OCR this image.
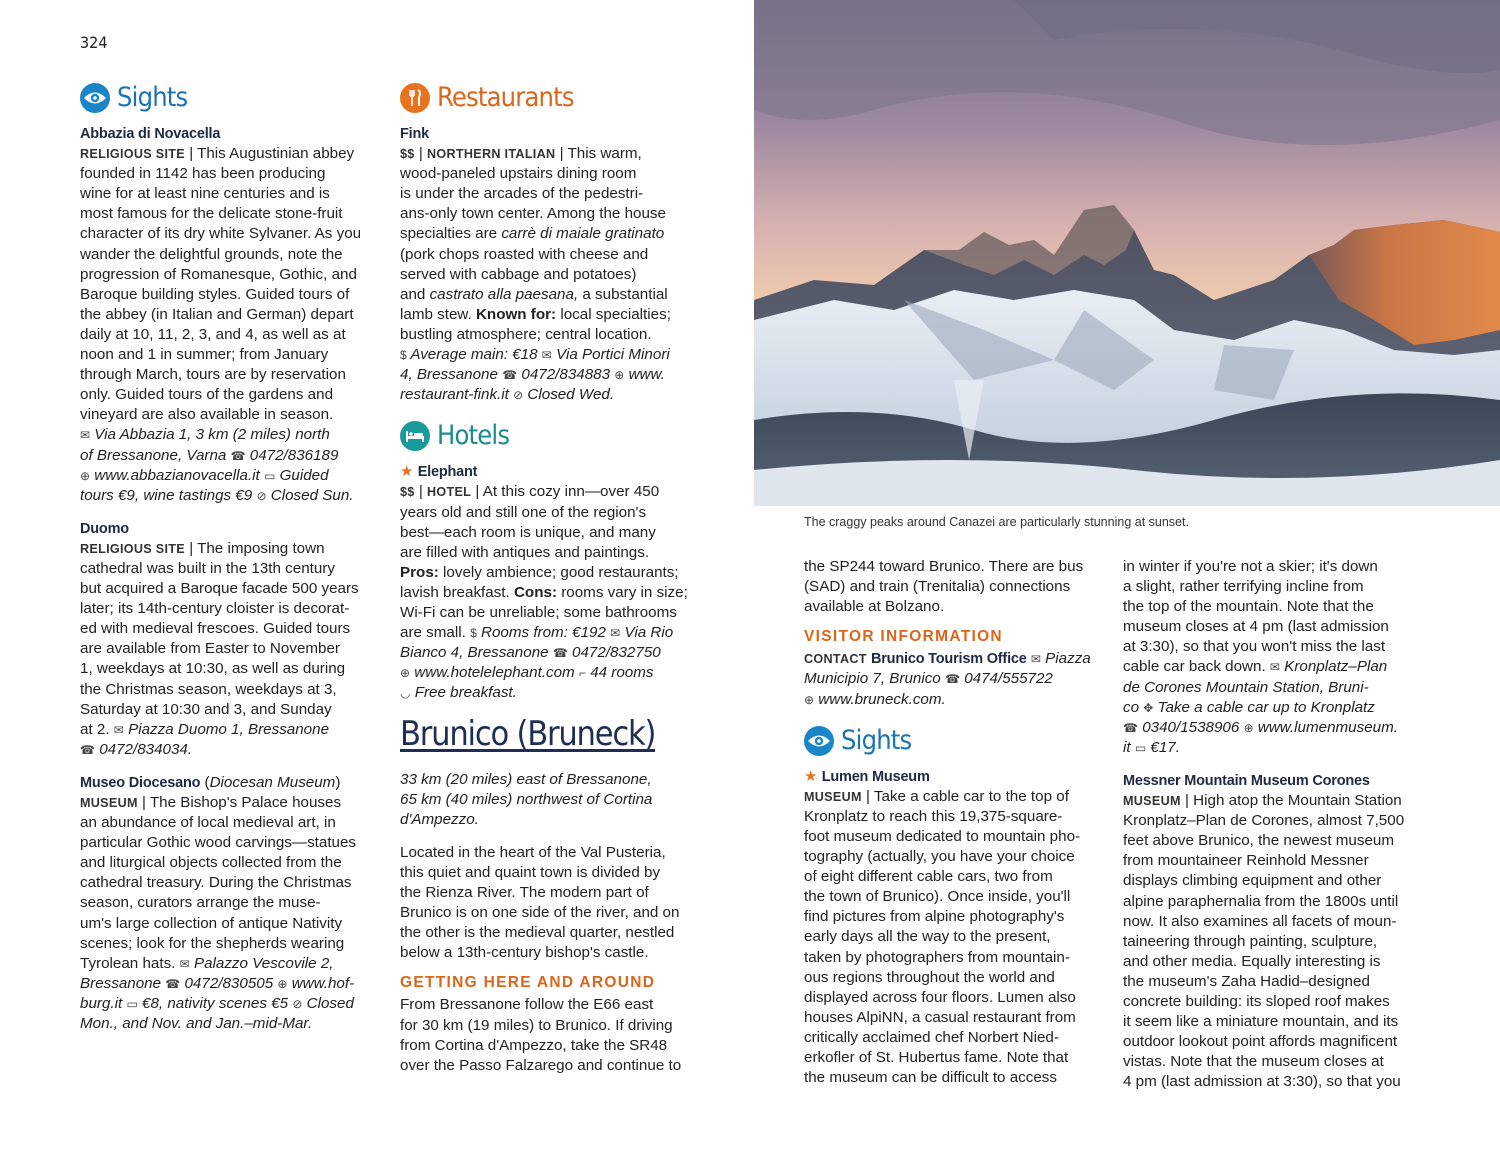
324
Sights

Abbazia di Novacella

RELIGIOUS SITE | This Augustinian abbey

founded in 1142 has been producing

wine for at least nine centuries and is

most famous for the delicate stone-fruit

character of its dry white Sylvaner. As you

wander the delightful grounds, note the

progression of Romanesque, Gothic, and

Baroque building styles. Guided tours of

the abbey (in Italian and German) depart

daily at 10, 11, 2, 3, and 4, as well as at

noon and 1 in summer; from January

through March, tours are by reservation

only. Guided tours of the gardens and

vineyard are also available in season.

✉ Via Abbazia 1, 3 km (2 miles) north

of Bressanone, Varna ☎ 0472/836189

⊕ www.abbazianovacella.it ▭ Guided

tours €9, wine tastings €9 ⊘ Closed Sun.

Duomo

RELIGIOUS SITE | The imposing town

cathedral was built in the 13th century

but acquired a Baroque facade 500 years

later; its 14th-century cloister is decorat-

ed with medieval frescoes. Guided tours

are available from Easter to November

1, weekdays at 10:30, as well as during

the Christmas season, weekdays at 3,

Saturday at 10:30 and 3, and Sunday

at 2. ✉ Piazza Duomo 1, Bressanone

☎ 0472/834034.

Museo Diocesano (Diocesan Museum)

MUSEUM | The Bishop's Palace houses

an abundance of local medieval art, in

particular Gothic wood carvings—statues

and liturgical objects collected from the

cathedral treasury. During the Christmas

season, curators arrange the muse-

um's large collection of antique Nativity

scenes; look for the shepherds wearing

Tyrolean hats. ✉ Palazzo Vescovile 2,

Bressanone ☎ 0472/830505 ⊕ www.hof-

burg.it ▭ €8, nativity scenes €5 ⊘ Closed

Mon., and Nov. and Jan.–mid-Mar.

Restaurants

Fink

$$ | NORTHERN ITALIAN | This warm,

wood-paneled upstairs dining room

is under the arcades of the pedestri-

ans-only town center. Among the house

specialties are carrè di maiale gratinato

(pork chops roasted with cheese and

served with cabbage and potatoes)

and castrato alla paesana, a substantial

lamb stew. Known for: local specialties;

bustling atmosphere; central location.

$ Average main: €18 ✉ Via Portici Minori

4, Bressanone ☎ 0472/834883 ⊕ www.

restaurant-fink.it ⊘ Closed Wed.

Hotels

★ Elephant

$$ | HOTEL | At this cozy inn—over 450

years old and still one of the region's

best—each room is unique, and many

are filled with antiques and paintings.

Pros: lovely ambience; good restaurants;

lavish breakfast. Cons: rooms vary in size;

Wi-Fi can be unreliable; some bathrooms

are small. $ Rooms from: €192 ✉ Via Rio

Bianco 4, Bressanone ☎ 0472/832750

⊕ www.hotelelephant.com ⌐ 44 rooms

◡ Free breakfast.

Brunico (Bruneck)

33 km (20 miles) east of Bressanone,

65 km (40 miles) northwest of Cortina

d'Ampezzo.

Located in the heart of the Val Pusteria,

this quiet and quaint town is divided by

the Rienza River. The modern part of

Brunico is on one side of the river, and on

the other is the medieval quarter, nestled

below a 13th-century bishop's castle.

GETTING HERE AND AROUND

From Bressanone follow the E66 east

for 30 km (19 miles) to Brunico. If driving

from Cortina d'Ampezzo, take the SR48

over the Passo Falzarego and continue to

The craggy peaks around Canazei are particularly stunning at sunset.

the SP244 toward Brunico. There are bus

(SAD) and train (Trenitalia) connections

available at Bolzano.

VISITOR INFORMATION

CONTACT Brunico Tourism Office ✉ Piazza

Municipio 7, Brunico ☎ 0474/555722

⊕ www.bruneck.com.

Sights

★ Lumen Museum

MUSEUM | Take a cable car to the top of

Kronplatz to reach this 19,375-square-

foot museum dedicated to mountain pho-

tography (actually, you have your choice

of eight different cable cars, two from

the town of Brunico). Once inside, you'll

find pictures from alpine photography's

early days all the way to the present,

taken by photographers from mountain-

ous regions throughout the world and

displayed across four floors. Lumen also

houses AlpiNN, a casual restaurant from

critically acclaimed chef Norbert Nied-

erkofler of St. Hubertus fame. Note that

the museum can be difficult to access

in winter if you're not a skier; it's down

a slight, rather terrifying incline from

the top of the mountain. Note that the

museum closes at 4 pm (last admission

at 3:30), so that you won't miss the last

cable car back down. ✉ Kronplatz–Plan

de Corones Mountain Station, Bruni-

co ✥ Take a cable car up to Kronplatz

☎ 0340/1538906 ⊕ www.lumenmuseum.

it ▭ €17.

Messner Mountain Museum Corones

MUSEUM | High atop the Mountain Station

Kronplatz–Plan de Corones, almost 7,500

feet above Brunico, the newest museum

from mountaineer Reinhold Messner

displays climbing equipment and other

alpine paraphernalia from the 1800s until

now. It also examines all facets of moun-

taineering through painting, sculpture,

and other media. Equally interesting is

the museum's Zaha Hadid–designed

concrete building: its sloped roof makes

it seem like a miniature mountain, and its

outdoor lookout point affords magnificent

vistas. Note that the museum closes at

4 pm (last admission at 3:30), so that you
